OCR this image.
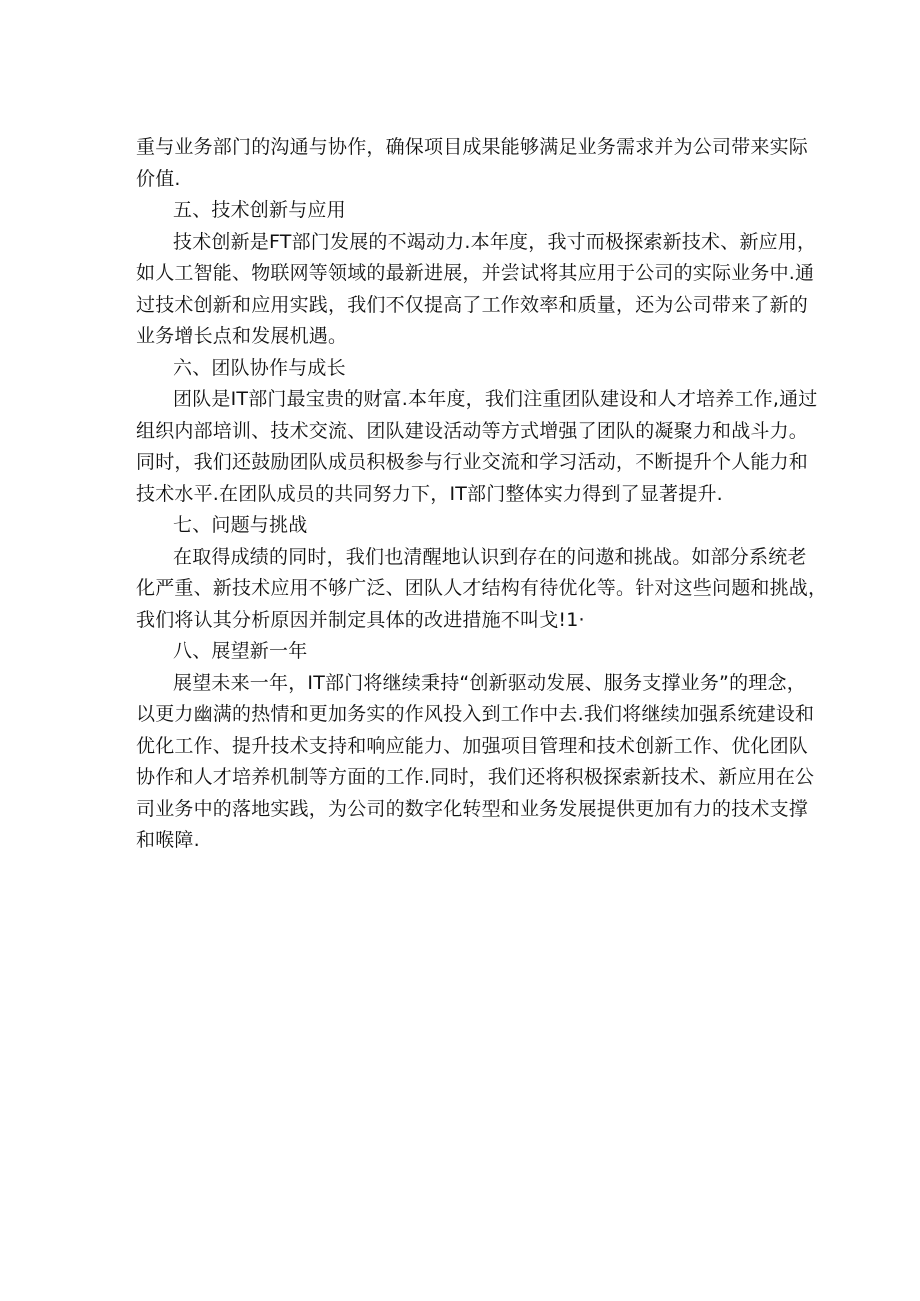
重与业务部门的沟通与协作，确保项目成果能够满足业务需求并为公司带来实际
价值.
五、技术创新与应用
技术创新是FT部门发展的不竭动力.本年度，我寸而极探索新技术、新应用，
如人工智能、物联网等领域的最新进展，并尝试将其应用于公司的实际业务中.通
过技术创新和应用实践，我们不仅提高了工作效率和质量，还为公司带来了新的
业务增长点和发展机遇。
六、团队协作与成长
团队是IT部门最宝贵的财富.本年度，我们注重团队建设和人才培养工作,通过
组织内部培训、技术交流、团队建设活动等方式增强了团队的凝聚力和战斗力。
同时，我们还鼓励团队成员积极参与行业交流和学习活动，不断提升个人能力和
技术水平.在团队成员的共同努力下，IT部门整体实力得到了显著提升.
七、问题与挑战
在取得成绩的同时，我们也清醒地认识到存在的问遨和挑战。如部分系统老
化严重、新技术应用不够广泛、团队人才结构有待优化等。针对这些问题和挑战，
我们将认其分析原因并制定具体的改进措施不叫戈!1·
八、展望新一年
展望未来一年，IT部门将继续秉持“创新驱动发展、服务支撑业务”的理念，
以更力幽满的热情和更加务实的作风投入到工作中去.我们将继续加强系统建设和
优化工作、提升技术支持和响应能力、加强项目管理和技术创新工作、优化团队
协作和人才培养机制等方面的工作.同时，我们还将积极探索新技术、新应用在公
司业务中的落地实践，为公司的数字化转型和业务发展提供更加有力的技术支撑
和喉障.
